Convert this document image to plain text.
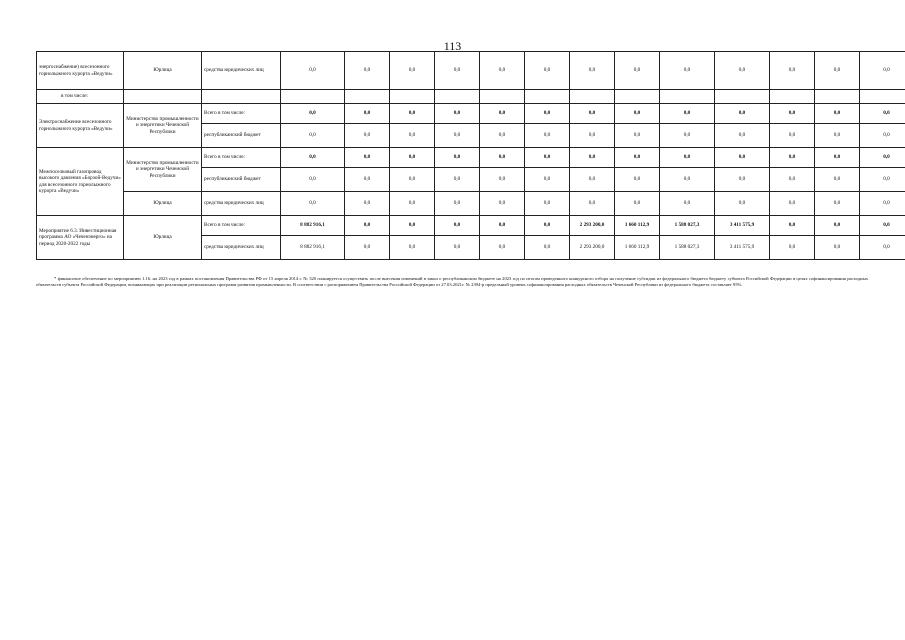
113
энергоснабжение) всесезонного горнолыжного курорта «Ведучи»	Юрлица	средства юридических лиц	0,0	0,0	0,0	0,0	0,0	0,0	0,0	0,0	0,0	0,0	0,0	0,0	0,0
в том числе:															
Электроснабжение всесезонного горнолыжного курорта «Ведучи»	Министерство промышленности и энергетики Чеченской Республики	Всего в том числе:	0,0	0,0	0,0	0,0	0,0	0,0	0,0	0,0	0,0	0,0	0,0	0,0	0,0
		республиканский бюджет	0,0	0,0	0,0	0,0	0,0	0,0	0,0	0,0	0,0	0,0	0,0	0,0	0,0
Межпоселковый газопровод высокого давления «Борзой-Ведучи» для всесезонного горнолыжного курорта «Ведучи»	Министерство промышленности и энергетики Чеченской Республики	Всего в том числе:	0,0	0,0	0,0	0,0	0,0	0,0	0,0	0,0	0,0	0,0	0,0	0,0	0,0
		республиканский бюджет	0,0	0,0	0,0	0,0	0,0	0,0	0,0	0,0	0,0	0,0	0,0	0,0	0,0
	Юрлица	средства юридических лиц	0,0	0,0	0,0	0,0	0,0	0,0	0,0	0,0	0,0	0,0	0,0	0,0	0,0
Мероприятие 6.3. Инвестиционная программа АО «Чеченэнерго» на период 2020-2022 годы	Юрлица	Всего в том числе:	8 882 916,1	0,0	0,0	0,0	0,0	0,0	2 293 200,0	1 660 112,9	1 588 027,3	3 411 575,9	0,0	0,0	0,0
		средства юридических лиц	8 882 916,1	0,0	0,0	0,0	0,0	0,0	2 293 200,0	1 660 112,9	1 588 027,3	3 411 575,9	0,0	0,0	0,0

* финансовое обеспечение по мероприятию 1.16. на 2023 год в рамках постановления Правительства РФ от 15 апреля 2014 г. № 320 планируется осуществить после внесения изменений в закон о республиканском бюджете на 2023 год по итогам проведенного конкурсного отбора на получение субсидии из федерального бюджета бюджету субъекта Российской Федерации в целях софинансирования расходных обязательств субъекта Российской Федерации, возникающих при реализации региональных программ развития промышленности. В соответствии с распоряжением Правительства Российской Федерации от 27.03.2021г. № 2394-р предельный уровень софинансирования расходных обязательств Чеченской Республики из федерального бюджета составляет 95%.
